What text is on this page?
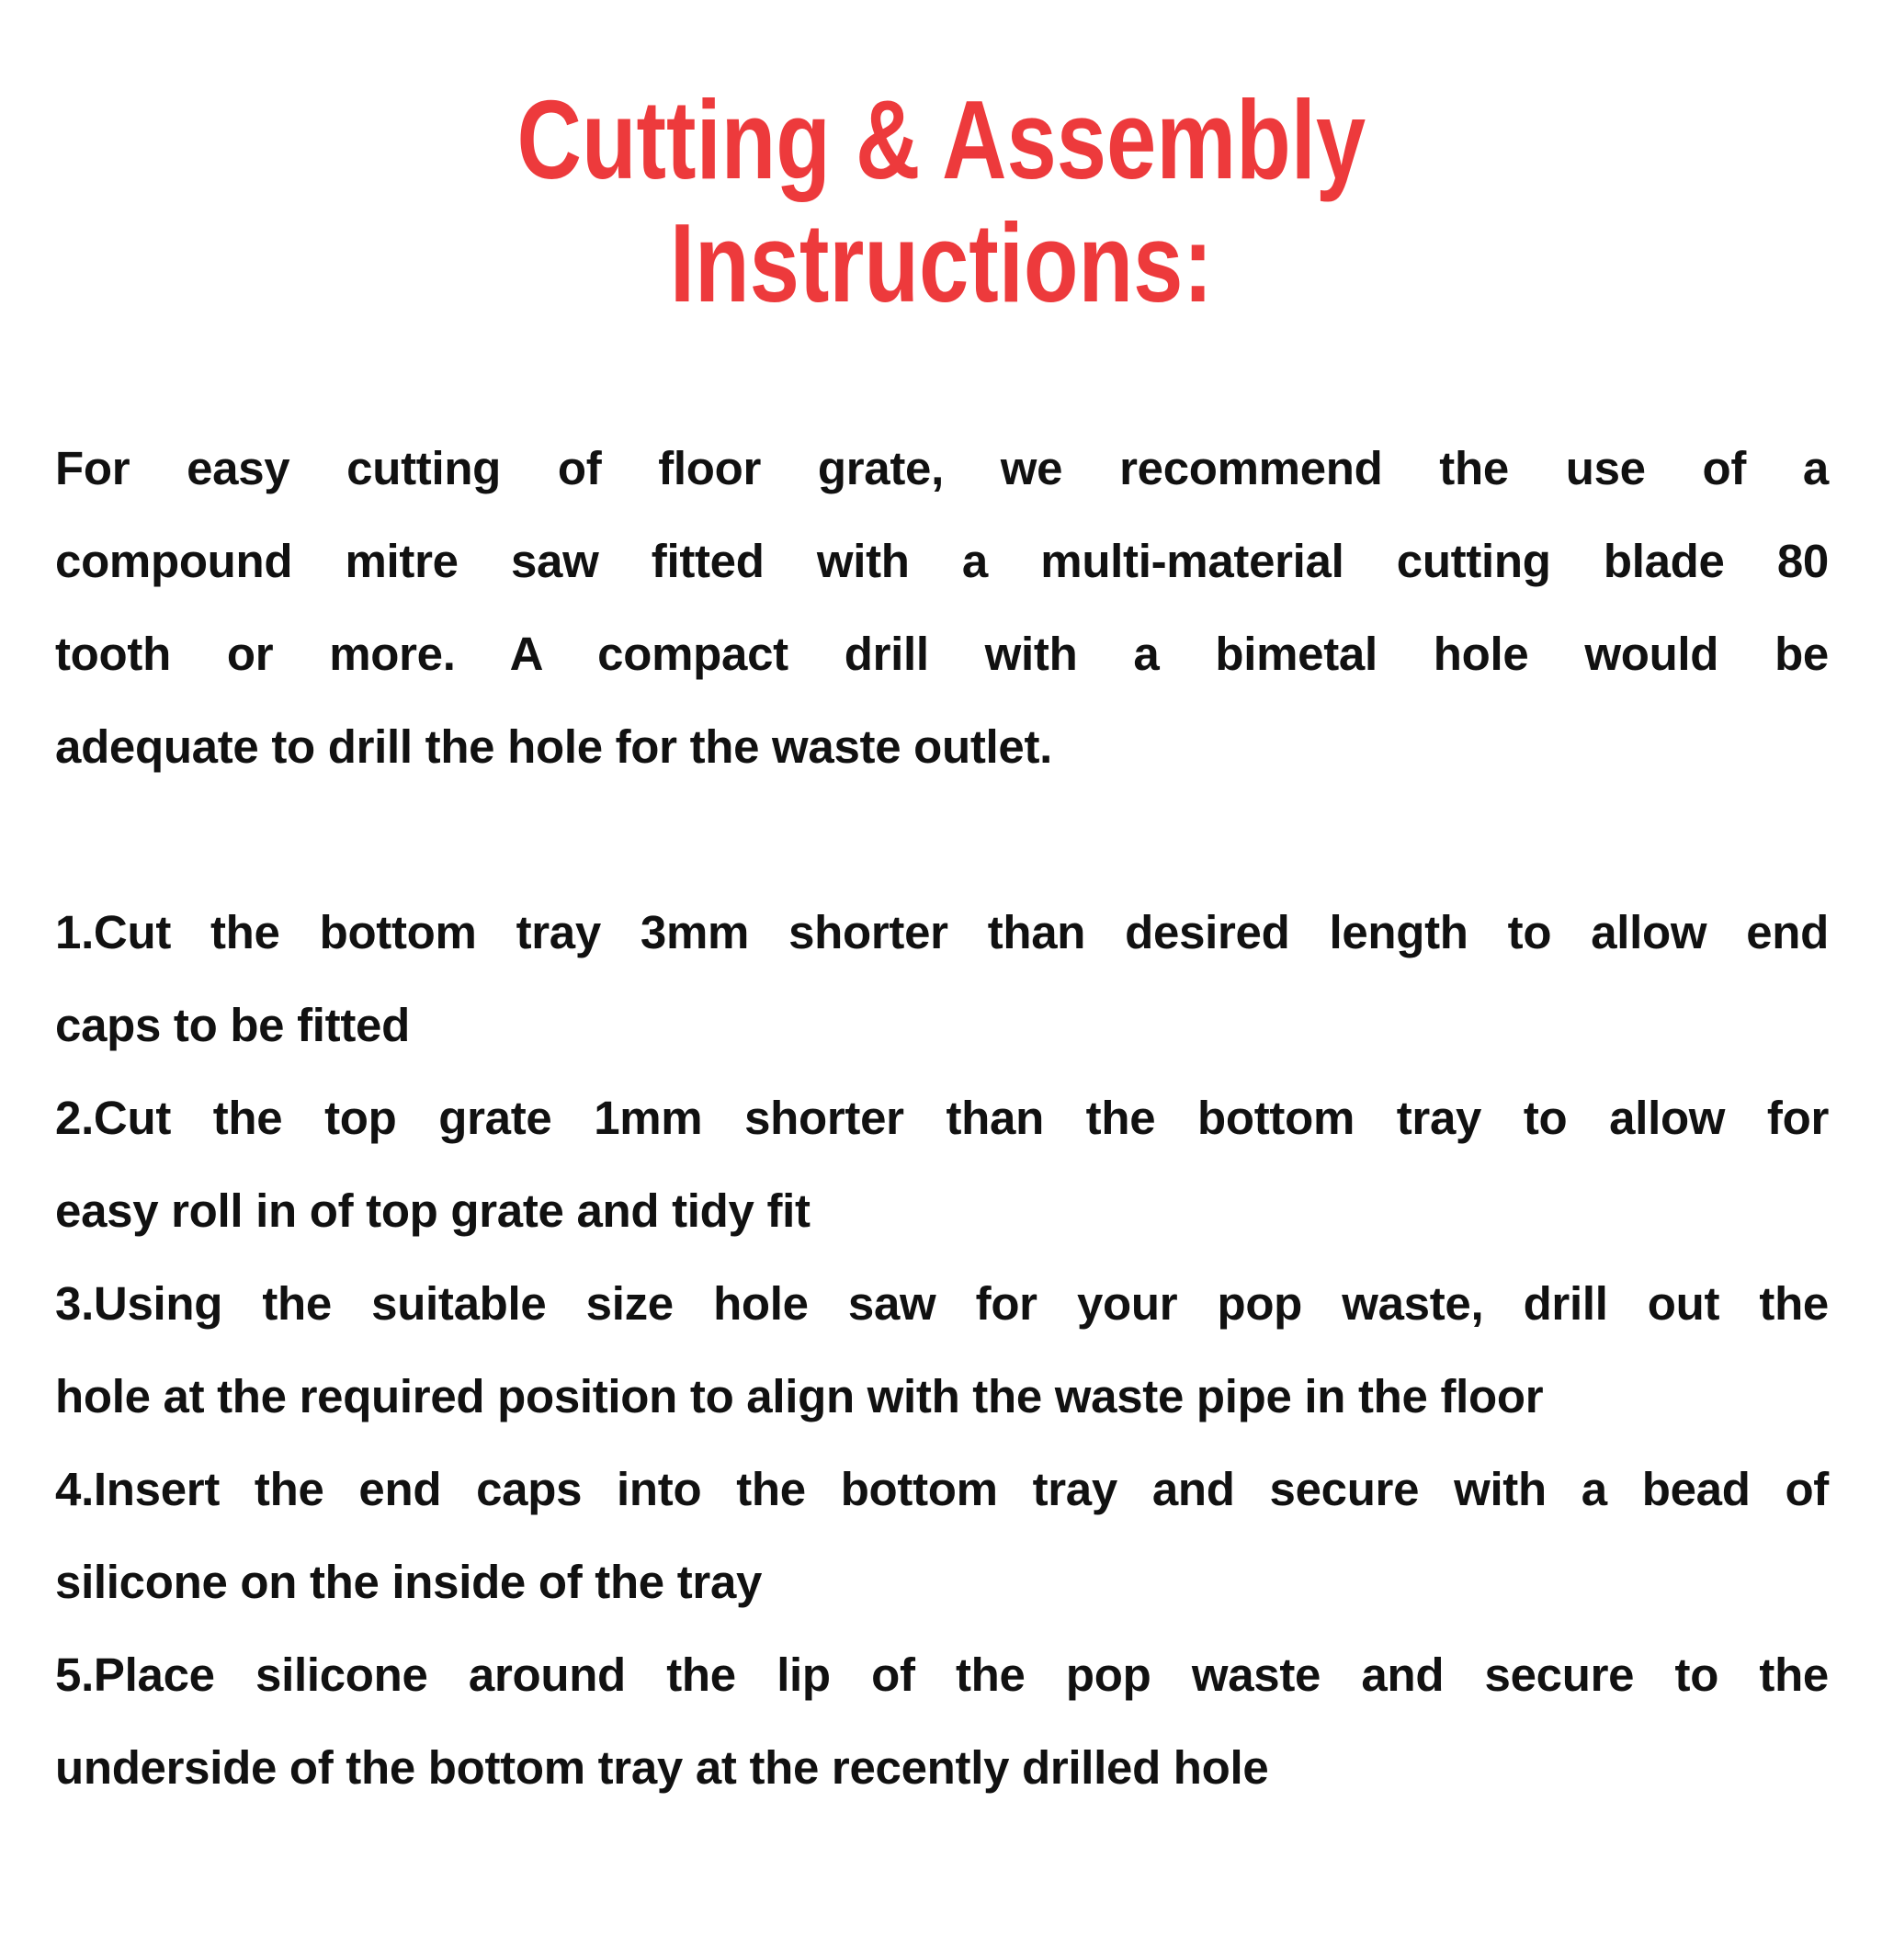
Cutting & Assembly
Instructions:
For easy cutting of floor grate, we recommend the use of a
compound mitre saw fitted with a multi-material cutting blade 80
tooth or more. A compact drill with a bimetal hole would be
adequate to drill the hole for the waste outlet.
1.Cut the bottom tray 3mm shorter than desired length to allow end
caps to be fitted
2.Cut the top grate 1mm shorter than the bottom tray to allow for
easy roll in of top grate and tidy fit
3.Using the suitable size hole saw for your pop waste, drill out the
hole at the required position to align with the waste pipe in the floor
4.Insert the end caps into the bottom tray and secure with a bead of
silicone on the inside of the tray
5.Place silicone around the lip of the pop waste and secure to the
underside of the bottom tray at the recently drilled hole
